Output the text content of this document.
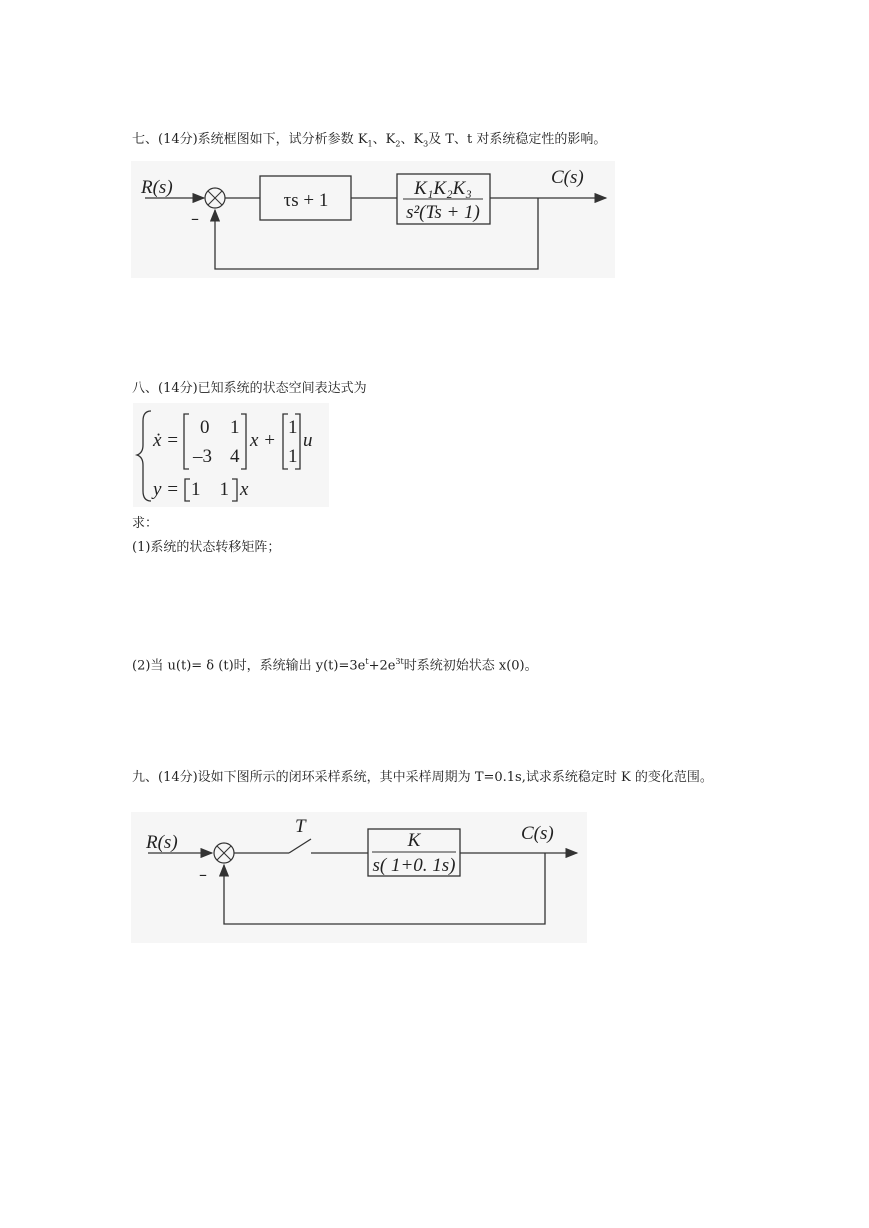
七、(14分)系统框图如下，试分析参数 $K_1$、$K_2$、$K_3$及 T、t 对系统稳定性的影响。
R(s)
–
τs + 1
K₁K₂K₃
s²(Ts + 1)
C(s)
八、(14分)已知系统的状态空间表达式为
ẋ =
0 1
–3 4
x +
1
1
u
y = 1    1 x
求：
(1)系统的状态转移矩阵；
(2)当 u(t)= δ (t)时，系统输出 $y(t)=3e^t+2e^{3t}$时系统初始状态 x(0)。
九、(14分)设如下图所示的闭环采样系统，其中采样周期为 T=0.1s,试求系统稳定时 K 的变化范围。
R(s)
–
T
K
s( 1+0. 1s)
C(s)
